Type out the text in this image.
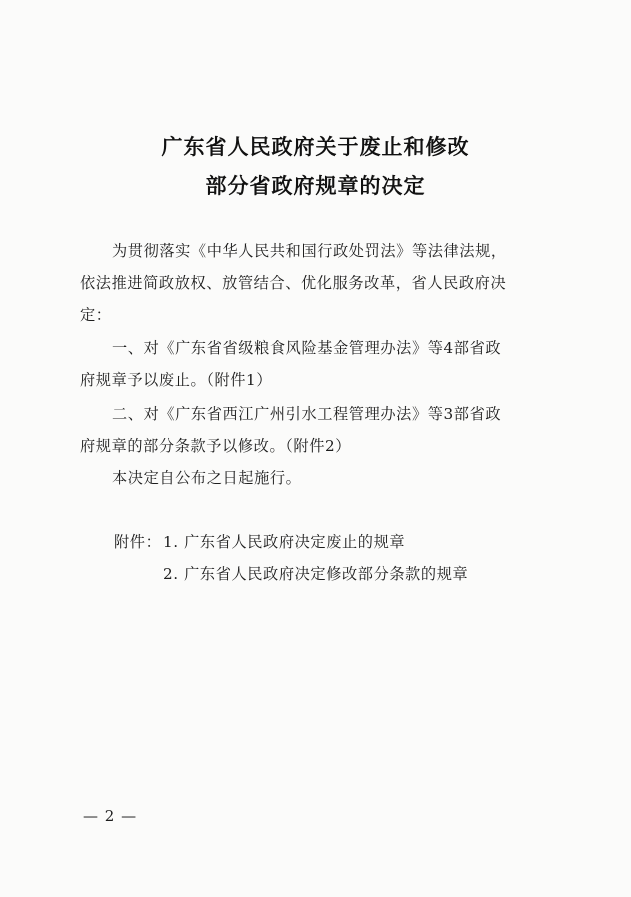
广东省人民政府关于废止和修改
部分省政府规章的决定

为贯彻落实《中华人民共和国行政处罚法》等法律法规，

依法推进简政放权、放管结合、优化服务改革，省人民政府决

定：

一、对《广东省省级粮食风险基金管理办法》等4部省政

府规章予以废止。（附件1）

二、对《广东省西江广州引水工程管理办法》等3部省政

府规章的部分条款予以修改。（附件2）

本决定自公布之日起施行。

附件： 1. 广东省人民政府决定废止的规章
2. 广东省人民政府决定修改部分条款的规章
— 2 —
